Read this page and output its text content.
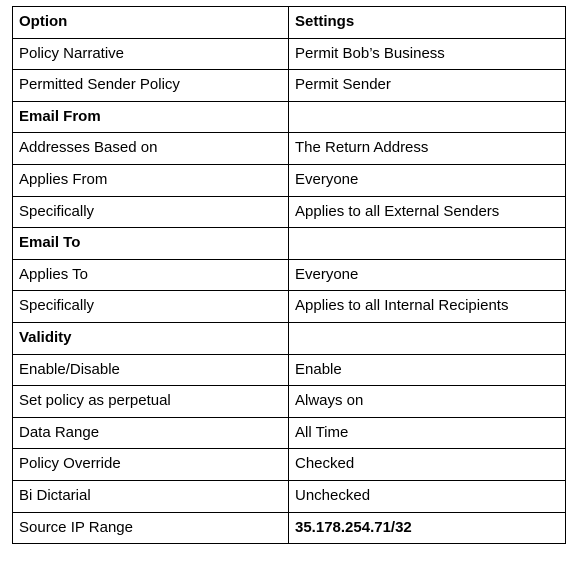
Option	Settings
Policy Narrative	Permit Bob’s Business
Permitted Sender Policy	Permit Sender
Email From	
Addresses Based on	The Return Address
Applies From	Everyone
Specifically	Applies to all External Senders
Email To	
Applies To	Everyone
Specifically	Applies to all Internal Recipients
Validity	
Enable/Disable	Enable
Set policy as perpetual	Always on
Data Range	All Time
Policy Override	Checked
Bi Dictarial	Unchecked
Source IP Range	35.178.254.71/32
